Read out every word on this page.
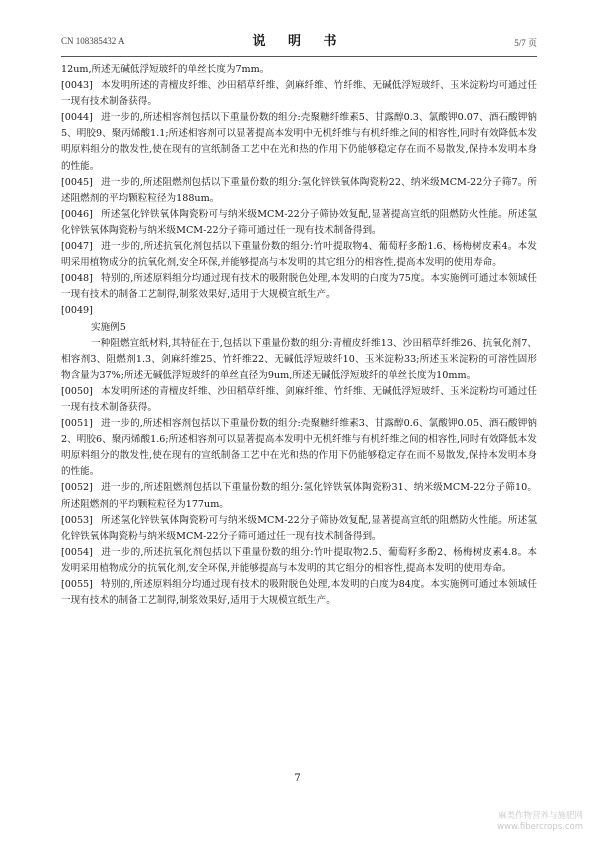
CN 108385432 A	说 明 书	5/7 页

12um,所述无碱低浮短玻纤的单丝长度为7mm。

[0043] 本发明所述的青檀皮纤维、沙田稻草纤维、剑麻纤维、竹纤维、无碱低浮短玻纤、玉米淀粉均可通过任一现有技术制备获得。

[0044] 进一步的,所述相容剂包括以下重量份数的组分:壳聚糖纤维素5、甘露醇0.3、氯酸钾0.07、酒石酸钾钠5、明胶9、聚丙烯酸1.1;所述相容剂可以显著提高本发明中无机纤维与有机纤维之间的相容性,同时有效降低本发明原料组分的散发性,使在现有的宣纸制备工艺中在光和热的作用下仍能够稳定存在而不易散发,保持本发明本身的性能。

[0045] 进一步的,所述阻燃剂包括以下重量份数的组分:氢化锌铁氧体陶瓷粉22、纳米级MCM-22分子筛7。所述阻燃剂的平均颗粒粒径为188um。

[0046] 所述氢化锌铁氧体陶瓷粉可与纳米级MCM-22分子筛协效复配,显著提高宣纸的阻燃防火性能。所述氢化锌铁氧体陶瓷粉与纳米级MCM-22分子筛可通过任一现有技术制备得到。

[0047] 进一步的,所述抗氧化剂包括以下重量份数的组分:竹叶提取物4、葡萄籽多酚1.6、杨梅树皮素4。本发明采用植物成分的抗氧化剂,安全环保,并能够提高与本发明的其它组分的相容性,提高本发明的使用寿命。

[0048] 特别的,所述原料组分均通过现有技术的吸附脱色处理,本发明的白度为75度。本实施例可通过本领域任一现有技术的制备工艺制得,制浆效果好,适用于大规模宣纸生产。

[0049]

实施例5

一种阻燃宣纸材料,其特征在于,包括以下重量份数的组分:青檀皮纤维13、沙田稻草纤维26、抗氧化剂7、相容剂3、阻燃剂1.3、剑麻纤维25、竹纤维22、无碱低浮短玻纤10、玉米淀粉33;所述玉米淀粉的可溶性固形物含量为37%;所述无碱低浮短玻纤的单丝直径为9um,所述无碱低浮短玻纤的单丝长度为10mm。

[0050] 本发明所述的青檀皮纤维、沙田稻草纤维、剑麻纤维、竹纤维、无碱低浮短玻纤、玉米淀粉均可通过任一现有技术制备获得。

[0051] 进一步的,所述相容剂包括以下重量份数的组分:壳聚糖纤维素3、甘露醇0.6、氯酸钾0.05、酒石酸钾钠2、明胶6、聚丙烯酸1.6;所述相容剂可以显著提高本发明中无机纤维与有机纤维之间的相容性,同时有效降低本发明原料组分的散发性,使在现有的宣纸制备工艺中在光和热的作用下仍能够稳定存在而不易散发,保持本发明本身的性能。

[0052] 进一步的,所述阻燃剂包括以下重量份数的组分:氢化锌铁氧体陶瓷粉31、纳米级MCM-22分子筛10。所述阻燃剂的平均颗粒粒径为177um。

[0053] 所述氢化锌铁氧体陶瓷粉可与纳米级MCM-22分子筛协效复配,显著提高宣纸的阻燃防火性能。所述氢化锌铁氧体陶瓷粉与纳米级MCM-22分子筛可通过任一现有技术制备得到。

[0054] 进一步的,所述抗氧化剂包括以下重量份数的组分:竹叶提取物2.5、葡萄籽多酚2、杨梅树皮素4.8。本发明采用植物成分的抗氧化剂,安全环保,并能够提高与本发明的其它组分的相容性,提高本发明的使用寿命。

[0055] 特别的,所述原料组分均通过现有技术的吸附脱色处理,本发明的白度为84度。本实施例可通过本领域任一现有技术的制备工艺制得,制浆效果好,适用于大规模宣纸生产。

7
麻类作物营养与施肥网
www.fibercrops.com
